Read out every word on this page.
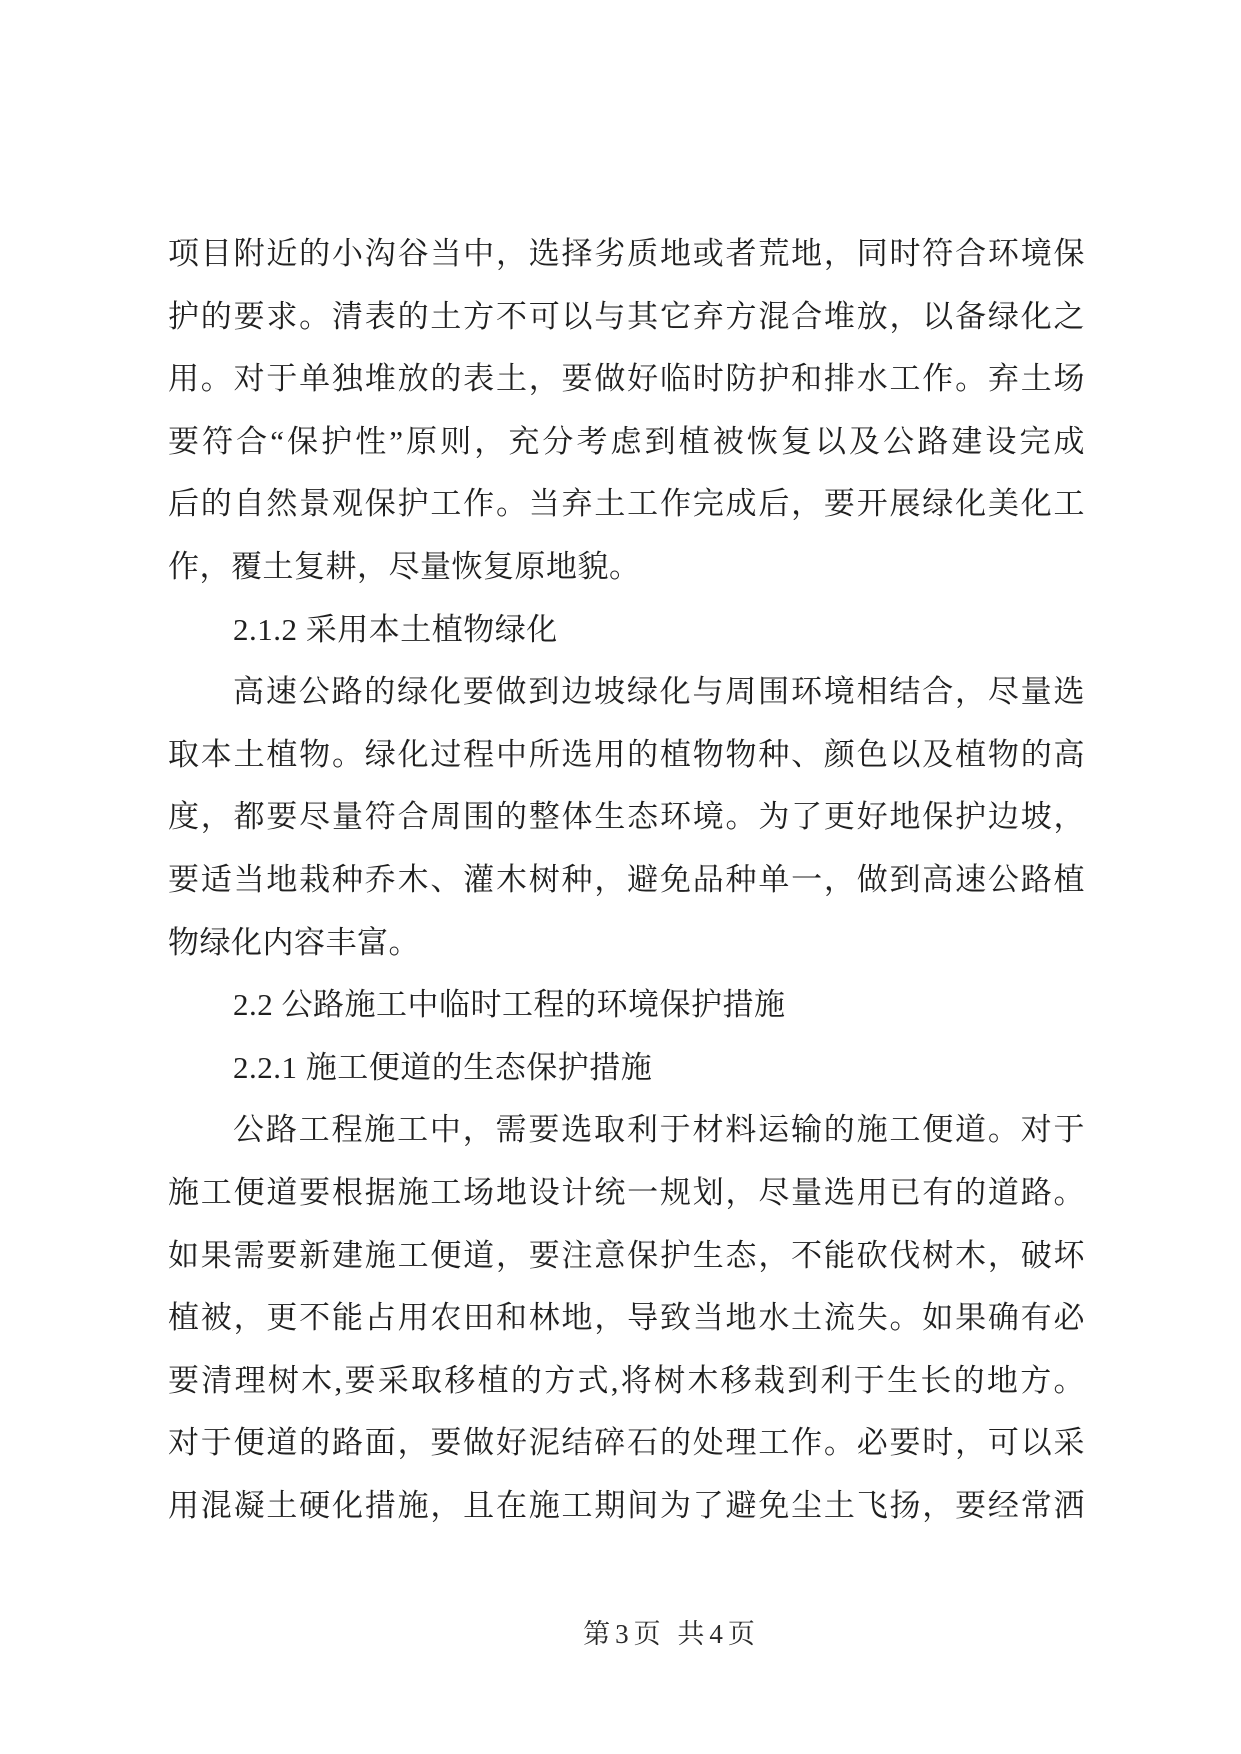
项目附近的小沟谷当中，选择劣质地或者荒地，同时符合环境保
护的要求。清表的土方不可以与其它弃方混合堆放，以备绿化之
用。对于单独堆放的表土，要做好临时防护和排水工作。弃土场
要符合“保护性”原则，充分考虑到植被恢复以及公路建设完成
后的自然景观保护工作。当弃土工作完成后，要开展绿化美化工
作，覆土复耕，尽量恢复原地貌。
2.1.2 采用本土植物绿化
高速公路的绿化要做到边坡绿化与周围环境相结合，尽量选
取本土植物。绿化过程中所选用的植物物种、颜色以及植物的高
度，都要尽量符合周围的整体生态环境。为了更好地保护边坡，
要适当地栽种乔木、灌木树种，避免品种单一，做到高速公路植
物绿化内容丰富。
2.2 公路施工中临时工程的环境保护措施
2.2.1 施工便道的生态保护措施
公路工程施工中，需要选取利于材料运输的施工便道。对于
施工便道要根据施工场地设计统一规划，尽量选用已有的道路。
如果需要新建施工便道，要注意保护生态，不能砍伐树木，破坏
植被，更不能占用农田和林地，导致当地水土流失。如果确有必
要清理树木,要采取移植的方式,将树木移栽到利于生长的地方。
对于便道的路面，要做好泥结碎石的处理工作。必要时，可以采
用混凝土硬化措施，且在施工期间为了避免尘土飞扬，要经常洒
第3页 共4页
